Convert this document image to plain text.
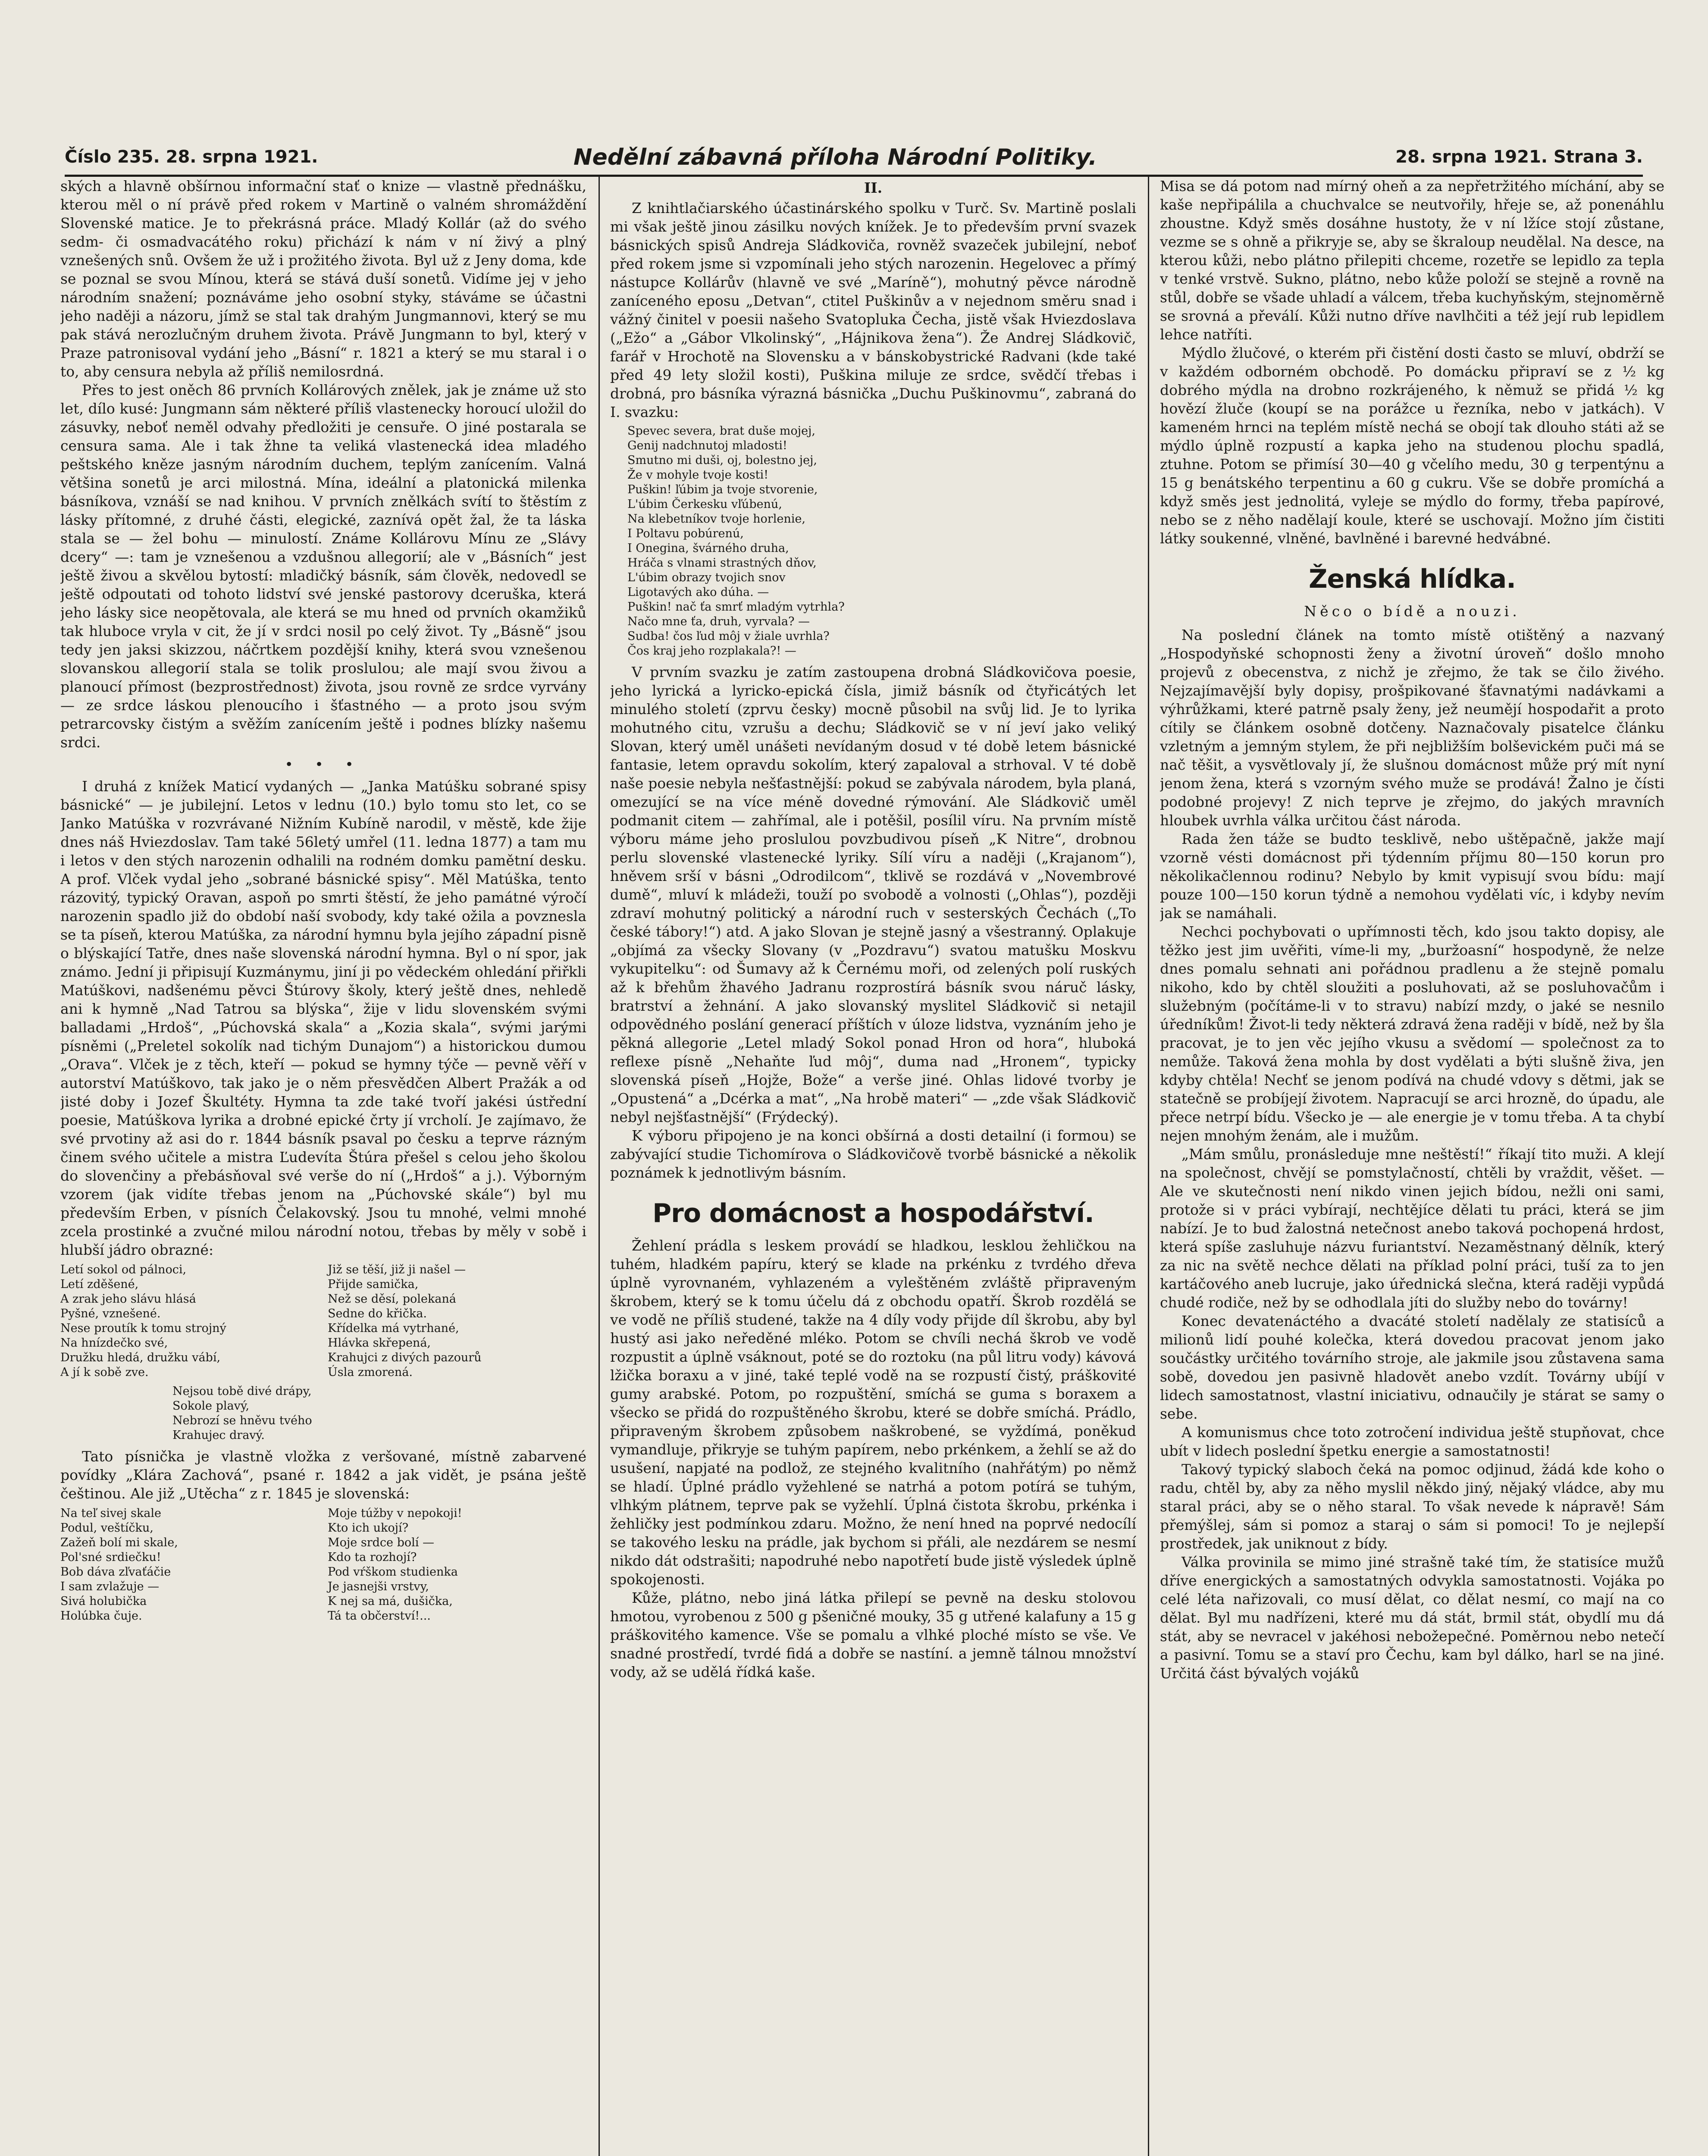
Číslo 235. 28. srpna 1921.	Nedělní zábavná příloha Národní Politiky.	28. srpna 1921. Strana 3.

ských a hlavně obšírnou informační stať o knize — vlastně přednášku, kterou měl o ní právě před rokem v Martině o valném shromáždění Slovenské matice. Je to překrásná práce. Mladý Kollár (až do svého sedm- či osmadvacátého roku) přichází k nám v ní živý a plný vznešených snů. Ovšem že už i prožitého života. Byl už z Jeny doma, kde se poznal se svou Mínou, která se stává duší sonetů. Vidíme jej v jeho národním snažení; poznáváme jeho osobní styky, stáváme se účastni jeho naději a názoru, jímž se stal tak drahým Jungmannovi, který se mu pak stává nerozlučným druhem života. Právě Jungmann to byl, který v Praze patronisoval vydání jeho „Básní“ r. 1821 a který se mu staral i o to, aby censura nebyla až příliš nemilosrdná.

Přes to jest oněch 86 prvních Kollárových znělek, jak je známe už sto let, dílo kusé: Jungmann sám některé příliš vlastenecky horoucí uložil do zásuvky, neboť neměl odvahy předložiti je censuře. O jiné postarala se censura sama. Ale i tak žhne ta veliká vlastenecká idea mladého peštského kněze jasným národním duchem, teplým zanícením. Valná většina sonetů je arci milostná. Mína, ideální a platonická milenka básníkova, vznáší se nad knihou. V prvních znělkách svítí to štěstím z lásky přítomné, z druhé části, elegické, zaznívá opět žal, že ta láska stala se — žel bohu — minulostí. Známe Kollárovu Mínu ze „Slávy dcery“ —: tam je vznešenou a vzdušnou allegorií; ale v „Básních“ jest ještě živou a skvělou bytostí: mladičký básník, sám člověk, nedovedl se ještě odpoutati od tohoto lidství své jenské pastorovy dceruška, která jeho lásky sice neopětovala, ale která se mu hned od prvních okamžiků tak hluboce vryla v cit, že jí v srdci nosil po celý život. Ty „Básně“ jsou tedy jen jaksi skizzou, náčrtkem pozdější knihy, která svou vznešenou slovanskou allegorií stala se tolik proslulou; ale mají svou živou a planoucí přímost (bezprostřednost) života, jsou rovně ze srdce vyrvány — ze srdce láskou plenoucího i šťastného — a proto jsou svým petrarcovsky čistým a svěžím zanícením ještě i podnes blízky našemu srdci.

• • •

I druhá z knížek Maticí vydaných — „Janka Matúšku sobrané spisy básnické“ — je jubilejní. Letos v lednu (10.) bylo tomu sto let, co se Janko Matúška v rozvrávané Nižním Kubíně narodil, v městě, kde žije dnes náš Hviezdoslav. Tam také 56letý umřel (11. ledna 1877) a tam mu i letos v den stých narozenin odhalili na rodném domku pamětní desku. A prof. Vlček vydal jeho „sobrané básnické spisy“. Měl Matúška, tento rázovitý, typický Oravan, aspoň po smrti štěstí, že jeho památné výročí narozenin spadlo již do období naší svobody, kdy také ožila a povznesla se ta píseň, kterou Matúška, za národní hymnu byla jejího západní pisně o blýskající Tatře, dnes naše slovenská národní hymna. Byl o ní spor, jak známo. Jední ji připisují Kuzmánymu, jiní ji po vědeckém ohledání přiřkli Matúškovi, nadšenému pěvci Štúrovy školy, který ještě dnes, nehledě ani k hymně „Nad Tatrou sa blýska“, žije v lidu slovenském svými balladami „Hrdoš“, „Púchovská skala“ a „Kozia skala“, svými jarými písněmi („Preletel sokolík nad tichým Dunajom“) a historickou dumou „Orava“. Vlček je z těch, kteří — pokud se hymny týče — pevně věří v autorství Matúškovo, tak jako je o něm přesvědčen Albert Pražák a od jisté doby i Jozef Škultéty. Hymna ta zde také tvoří jakési ústřední poesie, Matúškova lyrika a drobné epické črty jí vrcholí. Je zajímavo, že své prvotiny až asi do r. 1844 básník psaval po česku a teprve rázným činem svého učitele a mistra Ľudevíta Štúra přešel s celou jeho školou do slovenčiny a přebásňoval své verše do ní („Hrdoš“ a j.). Výborným vzorem (jak vidíte třebas jenom na „Púchovské skále“) byl mu především Erben, v písních Čelakovský. Jsou tu mnohé, velmi mnohé zcela prostinké a zvučné milou národní notou, třebas by měly v sobě i hlubší jádro obrazné:

Letí sokol od pálnoci,	Již se těší, již ji našel —
Letí zděšené,	Přijde samička,
A zrak jeho slávu hlásá	Než se děsí, polekaná
Pyšné, vznešené.	Sedne do křička.
Nese proutík k tomu strojný	Křídelka má vytrhané,
Na hnízdečko své,	Hlávka skřepená,
Družku hledá, družku vábí,	Krahujci z divých pazourů
A jí k sobě zve.	Úsla zmorená.
Nejsou tobě divé drápy,
Sokole plavý,
Nebrozí se hněvu tvého
Krahujec dravý.

Tato písnička je vlastně vložka z veršované, místně zabarvené povídky „Klára Zachová“, psané r. 1842 a jak vidět, je psána ještě češtinou. Ale již „Utěcha“ z r. 1845 je slovenská:

Na teľ sivej skale	Moje túžby v nepokoji!
Podul, veštíčku,	Kto ich ukojí?
Zažeň bolí mi skale,	Moje srdce bolí —
Pol'sné srdiečku!	Kdo ta rozhojí?
Bob dáva zľvaťáčie	Pod vŕškom studienka
I sam zvlažuje —	Je jasnejši vrstvy,
Sivá holubička	K nej sa má, dušička,
Holúbka čuje.	Tá ta občerství!...
II.

Z knihtlačiarského účastinárského spolku v Turč. Sv. Martině poslali mi však ještě jinou zásilku nových knížek. Je to především první svazek básnických spisů Andreja Sládkoviča, rovněž svazeček jubilejní, neboť před rokem jsme si vzpomínali jeho stých narozenin. Hegelovec a přímý nástupce Kollárův (hlavně ve své „Maríně“), mohutný pěvce národně zaníceného eposu „Detvan“, ctitel Puškinův a v nejednom směru snad i vážný činitel v poesii našeho Svatopluka Čecha, jistě však Hviezdoslava („Ežo“ a „Gábor Vlkolinský“, „Hájnikova žena“). Že Andrej Sládkovič, farář v Hrochotě na Slovensku a v bánskobystrické Radvani (kde také před 49 lety složil kosti), Puškina miluje ze srdce, svědčí třebas i drobná, pro básníka výrazná básnička „Duchu Puškinovmu“, zabraná do I. svazku:

Spevec severa, brat duše mojej,
Genij nadchnutoj mladosti!
Smutno mi duši, oj, bolestno jej,
Že v mohyle tvoje kosti!
Puškin! ľúbim ja tvoje stvorenie,
L'úbim Čerkesku vľúbenú,
Na klebetníkov tvoje horlenie,
I Poltavu pobúrenú,
I Onegina, švárného druha,
Hráča s vlnami strastných dňov,
L'úbim obrazy tvojich snov
Ligotavých ako dúha. —
Puškin! nač ťa smrť mladým vytrhla?
Načo mne ťa, druh, vyrvala? —
Sudba! čos ľud môj v žiale uvrhla?
Čos kraj jeho rozplakala?! —

V prvním svazku je zatím zastoupena drobná Sládkovičova poesie, jeho lyrická a lyricko-epická čísla, jimiž básník od čtyřicátých let minulého století (zprvu česky) mocně působil na svůj lid. Je to lyrika mohutného citu, vzrušu a dechu; Sládkovič se v ní jeví jako veliký Slovan, který uměl unášeti nevídaným dosud v té době letem básnické fantasie, letem opravdu sokolím, který zapaloval a strhoval. V té době naše poesie nebyla nešťastnější: pokud se zabývala národem, byla planá, omezující se na více méně dovedné rýmování. Ale Sládkovič uměl podmanit citem — zahřímal, ale i potěšil, posílil víru. Na prvním místě výboru máme jeho proslulou povzbudivou píseň „K Nitre“, drobnou perlu slovenské vlastenecké lyriky. Sílí víru a naději („Krajanom“), hněvem srší v básni „Odrodilcom“, tklivě se rozdává v „Novembrové dumě“, mluví k mládeži, touží po svobodě a volnosti („Ohlas“), později zdraví mohutný politický a národní ruch v sesterských Čechách („To české tábory!“) atd. A jako Slovan je stejně jasný a všestranný. Oplakuje „objímá za všecky Slovany (v „Pozdravu“) svatou matušku Moskvu vykupitelku“: od Šumavy až k Černému moři, od zelených polí ruských až k břehům žhavého Jadranu rozprostírá básník svou náruč lásky, bratrství a žehnání. A jako slovanský myslitel Sládkovič si netajil odpovědného poslání generací příštích v úloze lidstva, vyznáním jeho je pěkná allegorie „Letel mladý Sokol ponad Hron od hora“, hluboká reflexe písně „Nehaňte ľud môj“, duma nad „Hronem“, typicky slovenská píseň „Hojže, Bože“ a verše jiné. Ohlas lidové tvorby je „Opustená“ a „Dcérka a mat“, „Na hrobě materi“ — „zde však Sládkovič nebyl nejšťastnější“ (Frýdecký).

K výboru připojeno je na konci obšírná a dosti detailní (i formou) se zabývající studie Tichomírova o Sládkovičově tvorbě básnické a několik poznámek k jednotlivým básním.

Pro domácnost a hospodářství.

Žehlení prádla s leskem provádí se hladkou, lesklou žehličkou na tuhém, hladkém papíru, který se klade na prkénku z tvrdého dřeva úplně vyrovnaném, vyhlazeném a vyleštěném zvláště připraveným škrobem, který se k tomu účelu dá z obchodu opatří. Škrob rozdělá se ve vodě ne příliš studené, takže na 4 díly vody přijde díl škrobu, aby byl hustý asi jako neředěné mléko. Potom se chvíli nechá škrob ve vodě rozpustit a úplně vsáknout, poté se do roztoku (na půl litru vody) kávová lžička boraxu a v jiné, také teplé vodě na se rozpustí čistý, práškovité gumy arabské. Potom, po rozpuštění, smíchá se guma s boraxem a všecko se přidá do rozpuštěného škrobu, které se dobře smíchá. Prádlo, připraveným škrobem způsobem naškrobené, se vyždímá, poněkud vymandluje, přikryje se tuhým papírem, nebo prkénkem, a žehlí se až do usušení, napjaté na podlož, ze stejného kvalitního (nahřátým) po němž se hladí. Úplné prádlo vyžehlené se natrhá a potom potírá se tuhým, vlhkým plátnem, teprve pak se vyžehlí. Úplná čistota škrobu, prkénka i žehličky jest podmínkou zdaru. Možno, že není hned na poprvé nedocílí se takového lesku na prádle, jak bychom si přáli, ale nezdárem se nesmí nikdo dát odstrašiti; napodruhé nebo napotřetí bude jistě výsledek úplně spokojenosti.

Kůže, plátno, nebo jiná látka přilepí se pevně na desku stolovou hmotou, vyrobenou z 500 g pšeničné mouky, 35 g utřené kalafuny a 15 g práškovitého kamence. Vše se pomalu a vlhké ploché místo se vše. Ve snadné prostředí, tvrdé fidá a dobře se nastíní. a jemně tálnou množství vody, až se udělá řídká kaše.

Misa se dá potom nad mírný oheň a za nepřetržitého míchání, aby se kaše nepřipálila a chuchvalce se neutvořily, hřeje se, až ponenáhlu zhoustne. Když směs dosáhne hustoty, že v ní lžíce stojí zůstane, vezme se s ohně a přikryje se, aby se škraloup neudělal. Na desce, na kterou kůži, nebo plátno přilepiti chceme, rozetře se lepidlo za tepla v tenké vrstvě. Sukno, plátno, nebo kůže položí se stejně a rovně na stůl, dobře se všade uhladí a válcem, třeba kuchyňským, stejnoměrně se srovná a převálí. Kůži nutno dříve navlhčiti a též její rub lepidlem lehce natříti.

Mýdlo žlučové, o kterém při čistění dosti často se mluví, obdrží se v každém odborném obchodě. Po domácku připraví se z ½ kg dobrého mýdla na drobno rozkrájeného, k němuž se přidá ½ kg hovězí žluče (koupí se na porážce u řezníka, nebo v jatkách). V kameném hrnci na teplém místě nechá se obojí tak dlouho státi až se mýdlo úplně rozpustí a kapka jeho na studenou plochu spadlá, ztuhne. Potom se přimísí 30—40 g včelího medu, 30 g terpentýnu a 15 g benátského terpentinu a 60 g cukru. Vše se dobře promíchá a když směs jest jednolitá, vyleje se mýdlo do formy, třeba papírové, nebo se z něho nadělají koule, které se uschovají. Možno jím čistiti látky soukenné, vlněné, bavlněné i barevné hedvábné.

Ženská hlídka.
Něco o bídě a nouzi.

Na poslední článek na tomto místě otištěný a nazvaný „Hospodyňské schopnosti ženy a životní úroveň“ došlo mnoho projevů z obecenstva, z nichž je zřejmo, že tak se čilo živého. Nejzajímavější byly dopisy, prošpikované šťavnatými nadávkami a výhrůžkami, které patrně psaly ženy, jež neumějí hospodařit a proto cítily se článkem osobně dotčeny. Naznačovaly pisatelce článku vzletným a jemným stylem, že při nejbližším bolševickém puči má se nač těšit, a vysvětlovaly jí, že slušnou domácnost může prý mít nyní jenom žena, která s vzorným svého muže se prodává! Žalno je čísti podobné projevy! Z nich teprve je zřejmo, do jakých mravních hloubek uvrhla válka určitou část národa.

Rada žen táže se budto tesklivě, nebo uštěpačně, jakže mají vzorně vésti domácnost při týdenním příjmu 80—150 korun pro několikačlennou rodinu? Nebylo by kmit vypisují svou bídu: mají pouze 100—150 korun týdně a nemohou vydělati víc, i kdyby nevím jak se namáhali.

Nechci pochybovati o upřímnosti těch, kdo jsou takto dopisy, ale těžko jest jim uvěřiti, víme-li my, „buržoasní“ hospodyně, že nelze dnes pomalu sehnati ani pořádnou pradlenu a že stejně pomalu nikoho, kdo by chtěl sloužiti a posluhovati, až se posluhovačům i služebným (počítáme-li v to stravu) nabízí mzdy, o jaké se nesnilo úředníkům! Život-li tedy některá zdravá žena raději v bídě, než by šla pracovat, je to jen věc jejího vkusu a svědomí — společnost za to nemůže. Taková žena mohla by dost vydělati a býti slušně živa, jen kdyby chtěla! Nechť se jenom podívá na chudé vdovy s dětmi, jak se statečně se probíjejí životem. Napracují se arci hrozně, do úpadu, ale přece netrpí bídu. Všecko je — ale energie je v tomu třeba. A ta chybí nejen mnohým ženám, ale i mužům.

„Mám smůlu, pronásleduje mne neštěstí!“ říkají tito muži. A klejí na společnost, chvějí se pomstylačností, chtěli by vraždit, věšet. — Ale ve skutečnosti není nikdo vinen jejich bídou, nežli oni sami, protože si v práci vybírají, nechtějíce dělati tu práci, která se jim nabízí. Je to bud žalostná netečnost anebo taková pochopená hrdost, která spíše zasluhuje názvu furiantství. Nezaměstnaný dělník, který za nic na světě nechce dělati na příklad polní práci, tuší za to jen kartáčového aneb lucruje, jako úřednická slečna, která raději vypůdá chudé rodiče, než by se odhodlala jíti do služby nebo do továrny!

Konec devatenáctého a dvacáté století nadělaly ze statisíců a milionů lidí pouhé kolečka, která dovedou pracovat jenom jako součástky určitého továrního stroje, ale jakmile jsou zůstavena sama sobě, dovedou jen pasivně hladovět anebo vzdít. Továrny ubíjí v lidech samostatnost, vlastní iniciativu, odnaučily je stárat se samy o sebe.

A komunismus chce toto zotročení individua ještě stupňovat, chce ubít v lidech poslední špetku energie a samostatnosti!

Takový typický slaboch čeká na pomoc odjinud, žádá kde koho o radu, chtěl by, aby za něho myslil někdo jiný, nějaký vládce, aby mu staral práci, aby se o něho staral. To však nevede k nápravě! Sám přemýšlej, sám si pomoz a staraj o sám si pomoci! To je nejlepší prostředek, jak uniknout z bídy.

Válka provinila se mimo jiné strašně také tím, že statisíce mužů dříve energických a samostatných odvykla samostatnosti. Vojáka po celé léta nařizovali, co musí dělat, co dělat nesmí, co mají na co dělat. Byl mu nadřízeni, které mu dá stát, brmil stát, obydlí mu dá stát, aby se nevracel v jakéhosi nebožepečné. Poměrnou nebo netečí a pasivní. Tomu se a staví pro Čechu, kam byl dálko, harl se na jiné. Určitá část bývalých vojáků
